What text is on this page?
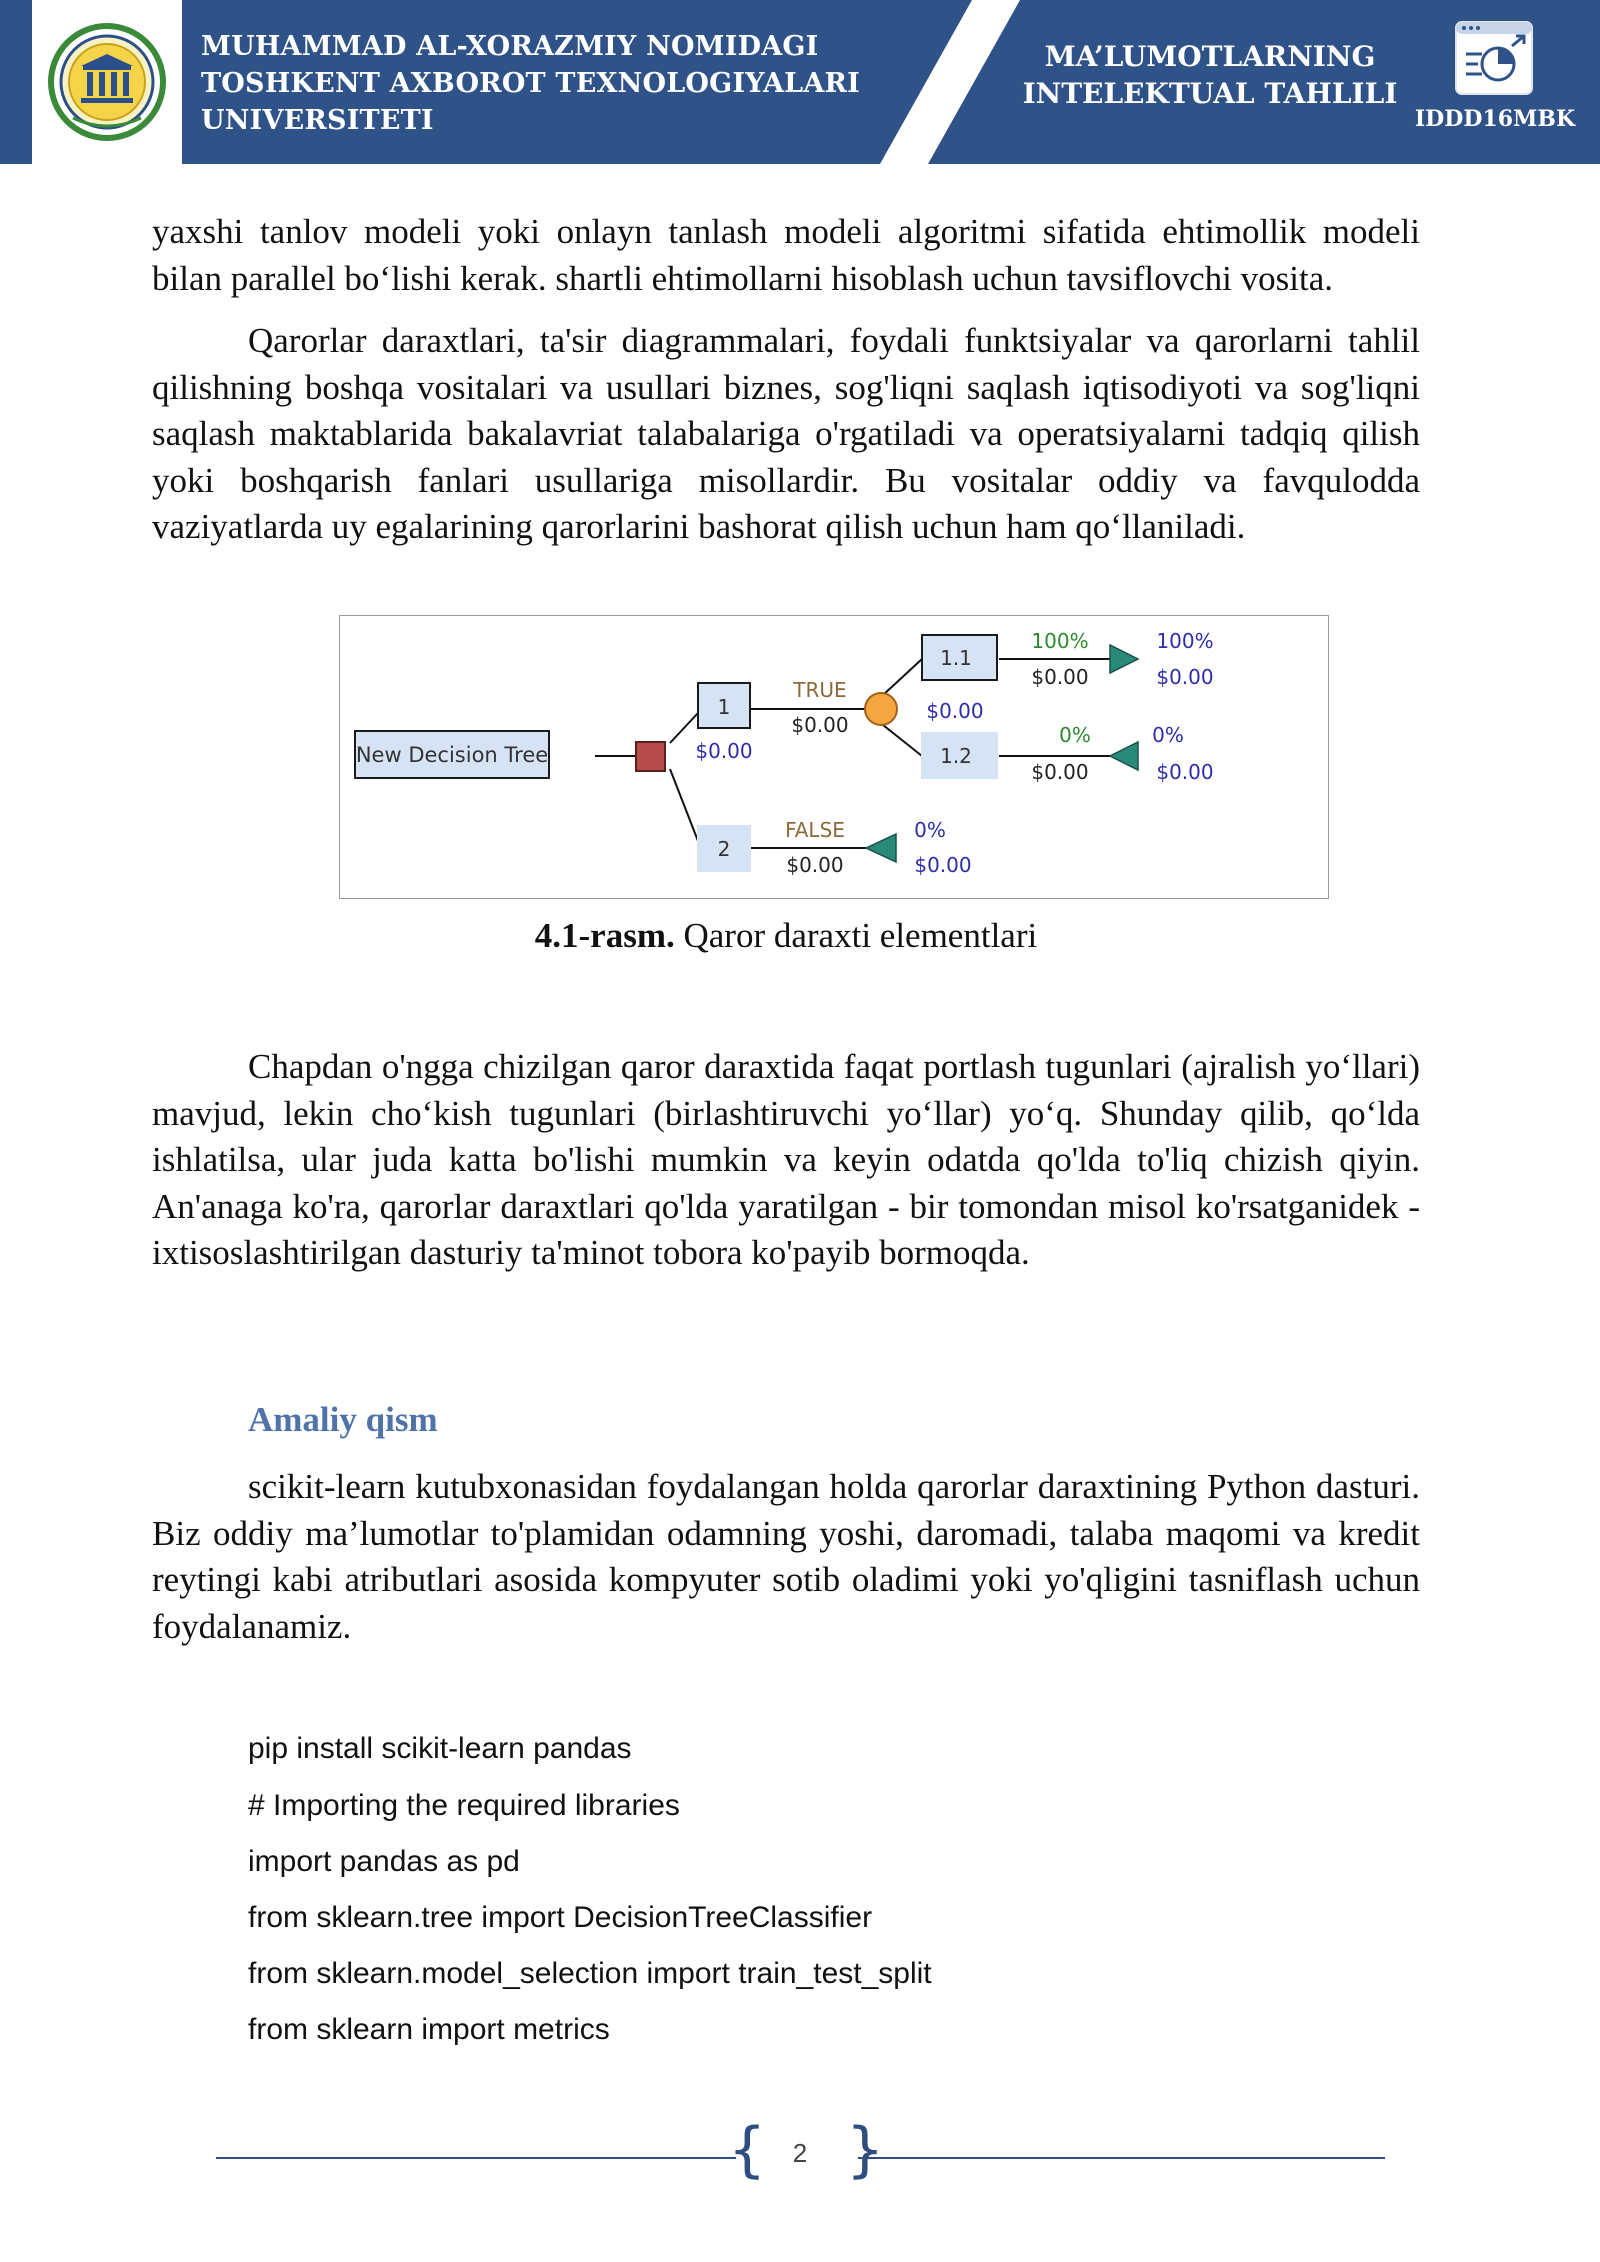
MUHAMMAD AL-XORAZMIY NOMIDAGI
TOSHKENT AXBOROT TEXNOLOGIYALARI
UNIVERSITETI
MA’LUMOTLARNING
INTELEKTUAL TAHLILI
IDDD16MBK

yaxshi tanlov modeli yoki onlayn tanlash modeli algoritmi sifatida ehtimollik modeli bilan parallel bo‘lishi kerak. shartli ehtimollarni hisoblash uchun tavsiflovchi vosita.

Qarorlar daraxtlari, ta'sir diagrammalari, foydali funktsiyalar va qarorlarni tahlil qilishning boshqa vositalari va usullari biznes, sog'liqni saqlash iqtisodiyoti va sog'liqni saqlash maktablarida bakalavriat talabalariga o'rgatiladi va operatsiyalarni tadqiq qilish yoki boshqarish fanlari usullariga misollardir. Bu vositalar oddiy va favqulodda vaziyatlarda uy egalarining qarorlarini bashorat qilish uchun ham qo‘llaniladi.

New Decision Tree
1
$0.00
TRUE
$0.00
$0.00
1.1
100%
$0.00
100%
$0.00
1.2
0%
$0.00
0%
$0.00
2
FALSE
$0.00
0%
$0.00
4.1-rasm. Qaror daraxti elementlari

Chapdan o'ngga chizilgan qaror daraxtida faqat portlash tugunlari (ajralish yo‘llari) mavjud, lekin cho‘kish tugunlari (birlashtiruvchi yo‘llar) yo‘q. Shunday qilib, qo‘lda ishlatilsa, ular juda katta bo'lishi mumkin va keyin odatda qo'lda to'liq chizish qiyin. An'anaga ko'ra, qarorlar daraxtlari qo'lda yaratilgan - bir tomondan misol ko'rsatganidek - ixtisoslashtirilgan dasturiy ta'minot tobora ko'payib bormoqda.

Amaliy qism

scikit-learn kutubxonasidan foydalangan holda qarorlar daraxtining Python dasturi. Biz oddiy ma’lumotlar to'plamidan odamning yoshi, daromadi, talaba maqomi va kredit reytingi kabi atributlari asosida kompyuter sotib oladimi yoki yo'qligini tasniflash uchun foydalanamiz.

pip install scikit-learn pandas
# Importing the required libraries
import pandas as pd
from sklearn.tree import DecisionTreeClassifier
from sklearn.model_selection import train_test_split
from sklearn import metrics
{ }
2
